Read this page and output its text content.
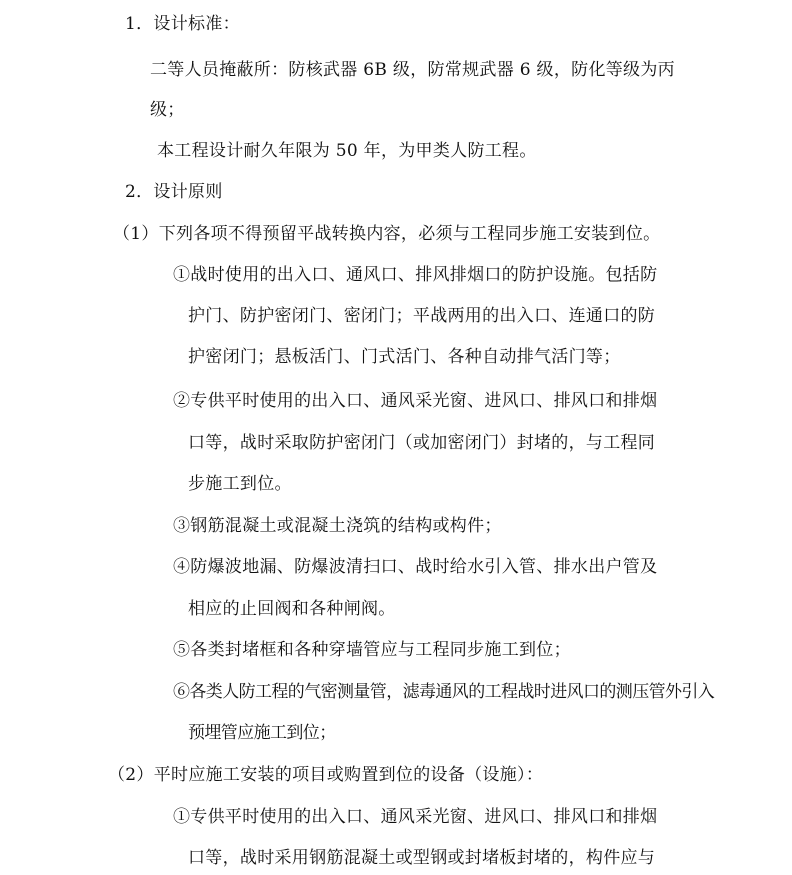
1．设计标准：
二等人员掩蔽所：防核武器 6B 级，防常规武器 6 级，防化等级为丙
级；
本工程设计耐久年限为 50 年，为甲类人防工程。
2．设计原则
（1）下列各项不得预留平战转换内容，必须与工程同步施工安装到位。
①战时使用的出入口、通风口、排风排烟口的防护设施。包括防
护门、防护密闭门、密闭门；平战两用的出入口、连通口的防
护密闭门；悬板活门、门式活门、各种自动排气活门等；
②专供平时使用的出入口、通风采光窗、进风口、排风口和排烟
口等，战时采取防护密闭门（或加密闭门）封堵的，与工程同
步施工到位。
③钢筋混凝土或混凝土浇筑的结构或构件；
④防爆波地漏、防爆波清扫口、战时给水引入管、排水出户管及
相应的止回阀和各种闸阀。
⑤各类封堵框和各种穿墙管应与工程同步施工到位；
⑥各类人防工程的气密测量管，滤毒通风的工程战时进风口的测压管外引入
预埋管应施工到位；
（2）平时应施工安装的项目或购置到位的设备（设施）：
①专供平时使用的出入口、通风采光窗、进风口、排风口和排烟
口等，战时采用钢筋混凝土或型钢或封堵板封堵的，构件应与
